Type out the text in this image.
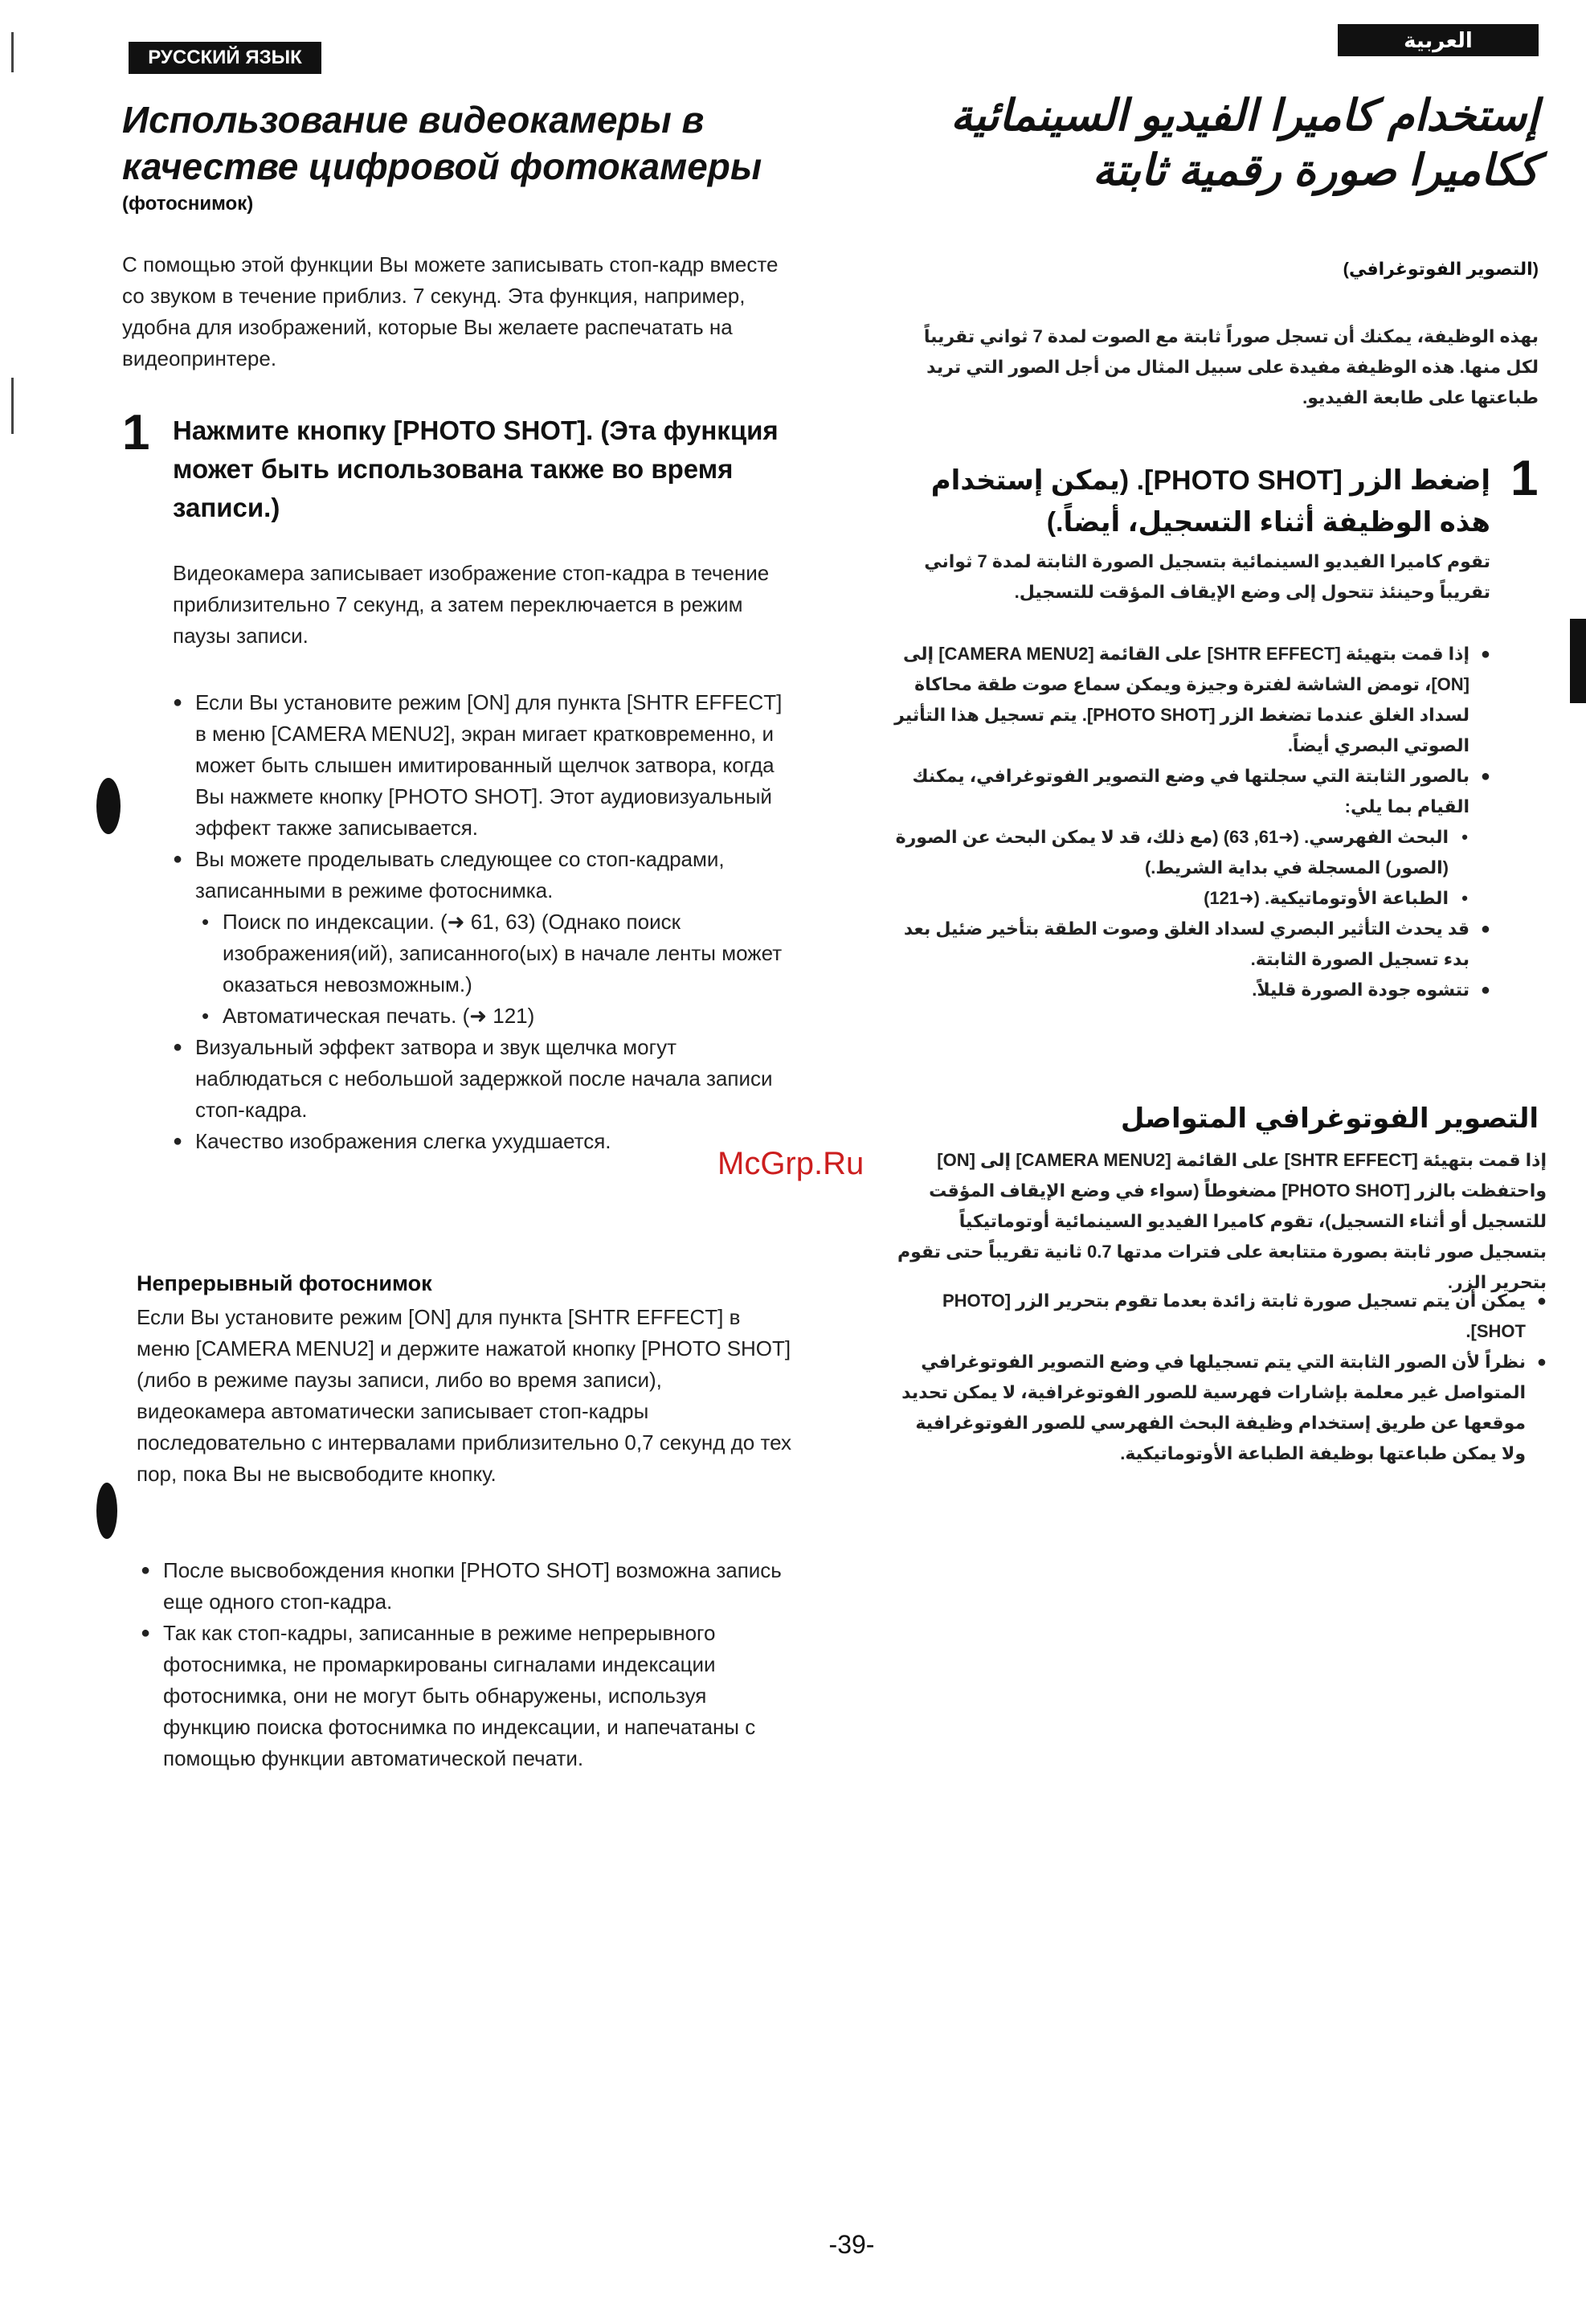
РУССКИЙ ЯЗЫК
Использование видеокамеры в качестве цифровой фотокамеры
(фотоснимок)
С помощью этой функции Вы можете записывать стоп-кадр вместе со звуком в течение приблиз. 7 секунд. Эта функция, например, удобна для изображений, которые Вы желаете распечатать на видеопринтере.
1 Нажмите кнопку [PHOTO SHOT]. (Эта функция может быть использована также во время записи.)
Видеокамера записывает изображение стоп-кадра в течение приблизительно 7 секунд, а затем переключается в режим паузы записи.
● Если Вы установите режим [ON] для пункта [SHTR EFFECT] в меню [CAMERA MENU2], экран мигает кратковременно, и может быть слышен имитированный щелчок затвора, когда Вы нажмете кнопку [PHOTO SHOT]. Этот аудиовизуальный эффект также записывается.
● Вы можете проделывать следующее со стоп-кадрами, записанными в режиме фотоснимка.
• Поиск по индексации. (➜ 61, 63) (Однако поиск изображения(ий), записанного(ых) в начале ленты может оказаться невозможным.)
• Автоматическая печать. (➜ 121)
● Визуальный эффект затвора и звук щелчка могут наблюдаться с небольшой задержкой после начала записи стоп-кадра.
● Качество изображения слегка ухудшается.
Непрерывный фотоснимок
Если Вы установите режим [ON] для пункта [SHTR EFFECT] в меню [CAMERA MENU2] и держите нажатой кнопку [PHOTO SHOT] (либо в режиме паузы записи, либо во время записи), видеокамера автоматически записывает стоп-кадры последовательно с интервалами приблизительно 0,7 секунд до тех пор, пока Вы не высвободите кнопку.
● После высвобождения кнопки [PHOTO SHOT] возможна запись еще одного стоп-кадра.
● Так как стоп-кадры, записанные в режиме непрерывного фотоснимка, не промаркированы сигналами индексации фотоснимка, они не могут быть обнаружены, используя функцию поиска фотоснимка по индексации, и напечатаны с помощью функции автоматической печати.
العربية
إستخدام كاميرا الفيديو السينمائية ككاميرا صورة رقمية ثابتة
(التصوير الفوتوغرافي)
بهذه الوظيفة، يمكنك أن تسجل صوراً ثابتة مع الصوت لمدة 7 ثواني تقريباً لكل منها. هذه الوظيفة مفيدة على سبيل المثال من أجل الصور التي تريد طباعتها على طابعة الفيديو.
1
إضغط الزر [PHOTO SHOT]. (يمكن إستخدام هذه الوظيفة أثناء التسجيل، أيضاً.)
تقوم كاميرا الفيديو السينمائية بتسجيل الصورة الثابتة لمدة 7 ثواني تقريباً وحينئذ تتحول إلى وضع الإيقاف المؤقت للتسجيل.
● إذا قمت بتهيئة [SHTR EFFECT] على القائمة [CAMERA MENU2] إلى [ON]، تومض الشاشة لفترة وجيزة ويمكن سماع صوت طقة محاكاة لسداد الغلق عندما تضغط الزر [PHOTO SHOT]. يتم تسجيل هذا التأثير الصوتي البصري أيضاً.
● بالصور الثابتة التي سجلتها في وضع التصوير الفوتوغرافي، يمكنك القيام بما يلي:
• البحث الفهرسي. (➜61, 63) (مع ذلك، قد لا يمكن البحث عن الصورة (الصور) المسجلة في بداية الشريط.)
• الطباعة الأوتوماتيكية. (➜121)
● قد يحدث التأثير البصري لسداد الغلق وصوت الطقة بتأخير ضئيل بعد بدء تسجيل الصورة الثابتة.
● تتشوه جودة الصورة قليلاً.
التصوير الفوتوغرافي المتواصل
إذا قمت بتهيئة [SHTR EFFECT] على القائمة [CAMERA MENU2] إلى [ON] واحتفظت بالزر [PHOTO SHOT] مضغوطاً (سواء في وضع الإيقاف المؤقت للتسجيل أو أثناء التسجيل)، تقوم كاميرا الفيديو السينمائية أوتوماتيكياً بتسجيل صور ثابتة بصورة متتابعة على فترات مدتها 0.7 ثانية تقريباً حتى تقوم بتحرير الزر.
● يمكن أن يتم تسجيل صورة ثابتة زائدة بعدما تقوم بتحرير الزر [PHOTO SHOT].
● نظراً لأن الصور الثابتة التي يتم تسجيلها في وضع التصوير الفوتوغرافي المتواصل غير معلمة بإشارات فهرسية للصور الفوتوغرافية، لا يمكن تحديد موقعها عن طريق إستخدام وظيفة البحث الفهرسي للصور الفوتوغرافية ولا يمكن طباعتها بوظيفة الطباعة الأوتوماتيكية.
McGrp.Ru
-39-
